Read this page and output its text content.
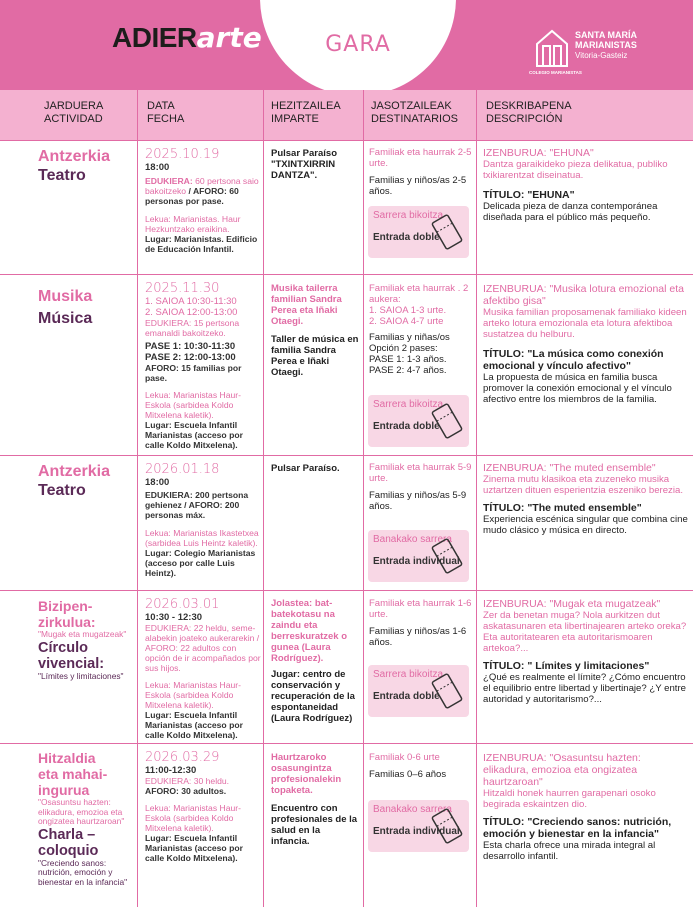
GARA
ADIERarte	SANTA MARÍA
MARIANISTAS
Vitoria-Gasteiz
COLEGIO MARIANISTAS
JARDUERA
ACTIVIDAD
DATA
FECHA
HEZITZAILEA
IMPARTE
JASOTZAILEAK
DESTINATARIOS
DESKRIBAPENA
DESCRIPCIÓN
Antzerkia
Teatro
2025.10.19
18:00
EDUKIERA: 60 pertsona saio bakoitzeko / AFORO: 60 personas por pase.
Lekua: Marianistas. Haur Hezkuntzako eraikina.
Lugar: Marianistas. Edificio de Educación Infantil.
Pulsar Paraíso "TXINTXIRRIN DANTZA".
Familiak eta haurrak 2-5 urte.
Familias y niños/as 2-5 años.
Sarrera bikoitza
Entrada doble
IZENBURUA: "EHUNA"
Dantza garaikideko pieza delikatua, publiko txikiarentzat diseinatua.
TÍTULO: "EHUNA"
Delicada pieza de danza contemporánea diseñada para el público más pequeño.
Musika
Música
2025.11.30
1. SAIOA 10:30-11:30
2. SAIOA 12:00-13:00
EDUKIERA: 15 pertsona emanaldi bakoitzeko.
PASE 1: 10:30-11:30
PASE 2: 12:00-13:00
AFORO: 15 familias por pase.
Lekua: Marianistas Haur-Eskola (sarbidea Koldo Mitxelena kaletik).
Lugar: Escuela Infantil Marianistas (acceso por calle Koldo Mitxelena).
Musika tailerra familian Sandra Perea eta Iñaki Otaegi.
Taller de música en familia Sandra Perea e Iñaki Otaegi.
Familiak eta haurrak . 2 aukera:
1. SAIOA 1-3 urte.
2. SAIOA 4-7 urte
Familias y niñas/os
Opción 2 pases:
PASE 1: 1-3 años.
PASE 2: 4-7 años.
Sarrera bikoitza
Entrada doble
IZENBURUA: "Musika lotura emozional eta afektibo gisa"
Musika familian proposamenak familiako kideen arteko lotura emozionala eta lotura afektiboa sustatzea du helburu.
TÍTULO: "La música como conexión emocional y vínculo afectivo"
La propuesta de música en familia busca promover la conexión emocional y el vínculo afectivo entre los miembros de la familia.
Antzerkia
Teatro
2026.01.18
18:00
EDUKIERA: 200 pertsona gehienez / AFORO: 200 personas máx.
Lekua: Marianistas Ikastetxea (sarbidea Luis Heintz kaletik).
Lugar: Colegio Marianistas (acceso por calle Luis Heintz).
Pulsar Paraíso.	Familiak eta haurrak 5-9 urte.
Familias y niños/as 5-9 años.
Banakako sarrera
Entrada individual
IZENBURUA: "The muted ensemble"
Zinema mutu klasikoa eta zuzeneko musika uztartzen dituen esperientzia eszeniko berezia.
TÍTULO: "The muted ensemble"
Experiencia escénica singular que combina cine mudo clásico y música en directo.
Bizipen-
zirkulua:
"Mugak eta mugatzeak"
Círculo
vivencial:
"Límites y limitaciones"
2026.03.01
10:30 - 12:30
EDUKIERA: 22 heldu, seme-alabekin joateko aukerarekin / AFORO: 22 adultos con opción de ir acompañados por sus hijos.
Lekua: Marianistas Haur-Eskola (sarbidea Koldo Mitxelena kaletik).
Lugar: Escuela Infantil Marianistas (acceso por calle Koldo Mitxelena).
Jolastea: bat-batekotasu na zaindu eta berreskuratzek o gunea (Laura Rodríguez).
Jugar: centro de conservación y recuperación de la espontaneidad (Laura Rodríguez)
Familiak eta haurrak 1-6 urte.
Familias y niños/as 1-6 años.
Sarrera bikoitza
Entrada doble
IZENBURUA: "Mugak eta mugatzeak"
Zer da benetan muga? Nola aurkitzen dut askatasunaren eta libertinajearen arteko oreka? Eta autoritatearen eta autoritarismoaren artekoa?...
TÍTULO: " Límites y limitaciones"
¿Qué es realmente el límite? ¿Cómo encuentro el equilibrio entre libertad y libertinaje? ¿Y entre autoridad y autoritarismo?...
Hitzaldia
eta mahai-
ingurua
"Osasuntsu hazten: elikadura, emozioa eta ongizatea haurtzaroan"
Charla –
coloquio
"Creciendo sanos: nutrición, emoción y bienestar en la infancia"
2026.03.29
11:00-12:30
EDUKIERA: 30 heldu.
AFORO: 30 adultos.
Lekua: Marianistas Haur-Eskola (sarbidea Koldo Mitxelena kaletik).
Lugar: Escuela Infantil Marianistas (acceso por calle Koldo Mitxelena).
Haurtzaroko osasungintza profesionalekin topaketa.
Encuentro con profesionales de la salud en la infancia.
Familiak 0-6 urte
Familias 0–6 años
Banakako sarrera
Entrada individual
IZENBURUA: "Osasuntsu hazten: elikadura, emozioa eta ongizatea haurtzaroan"
Hitzaldi honek haurren garapenari osoko begirada eskaintzen dio.
TÍTULO: "Creciendo sanos: nutrición, emoción y bienestar en la infancia"
Esta charla ofrece una mirada integral al desarrollo infantil.
